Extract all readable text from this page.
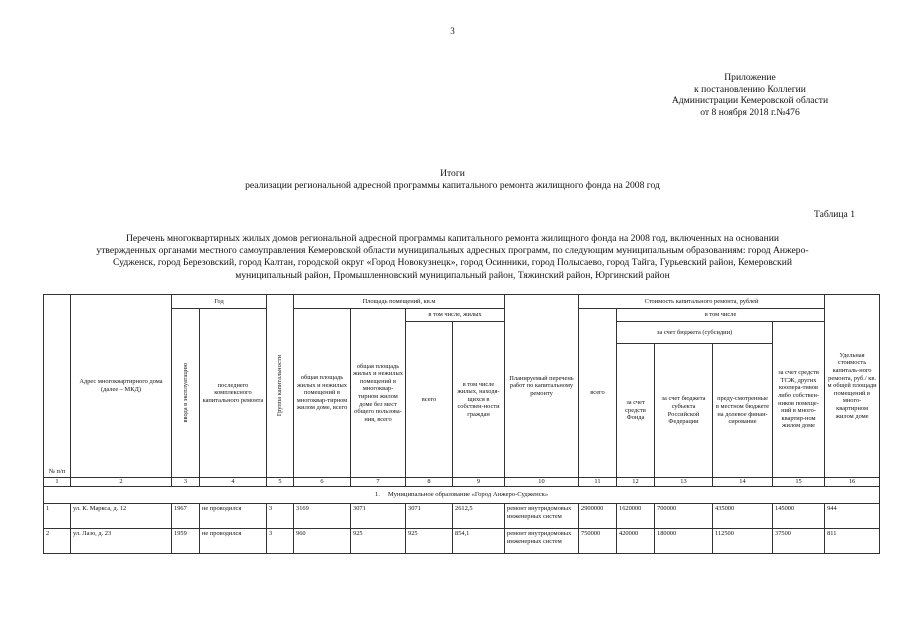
3
Приложение
к постановлению Коллегии
Администрации Кемеровской области
от 8 ноября 2018 г.№476
Итоги
реализации региональной адресной программы капитального ремонта жилищного фонда на 2008 год
Таблица 1
Перечень многоквартирных жилых домов региональной адресной программы капитального ремонта жилищного фонда на 2008 год, включенных на основании
утвержденных органами местного самоуправления Кемеровской области муниципальных адресных программ, по следующим муниципальным образованиям: город Анжеро-
Судженск, город Березовский, город Калтан, городской округ «Город Новокузнецк», город Осинники, город Полысаево, город Тайга, Гурьевский район, Кемеровский
муниципальный район, Промышленновский муниципальный район, Тяжинский район, Юргинский район
№ п/п	Адрес многоквартирного дома (далее – МКД)	Год		Группа капитальности	Площадь помещений, кв.м				Планируемый перечень работ по капитальному ремонту	Стоимость капитального ремонта, рублей					Удельная стоимость капиталь-ного ремонта, руб./ кв. м общей площади помещений в много-квартирном жилом доме

		ввода в эксплуатацию	последнего комплексного капитального ремонта		общая площадь жилых и нежилых помещений в многоквар-тирном жилом доме, всего	общая площадь жилых и нежилых помещений в многоквар-тирном жилом доме без мест общего пользова-ния, всего	в том числе, жилых			всего	в том числе				
							всего	в том числе жилых, находя-щихся в собствен-ности граждан			за счет бюджета (субсидии)			за счет средств ТСЖ, других кооперa-тивов либо собствен-ников помеще-ний в много-квартир-ном жилом доме	
											за счет средств Фонда	за счет бюджета субъекта Российской Федерации	преду-смотренные в местном бюджете на долевое финан-сирование		
1	2	3	4	5	6	7	8	9	10	11	12	13	14	15	16
1. Муниципальное образование «Город Анжеро-Судженск»															
1	ул. К. Маркса, д. 12	1967	не проводился	3	3169	3071	3071	2612,5	ремонт внутридомовых инженерных систем	2900000	1620000	700000	435000	145000	944
2	ул. Лазо, д. 23	1959	не проводился	3	960	925	925	854,1	ремонт внутридомовых инженерных систем	750000	420000	180000	112500	37500	811
